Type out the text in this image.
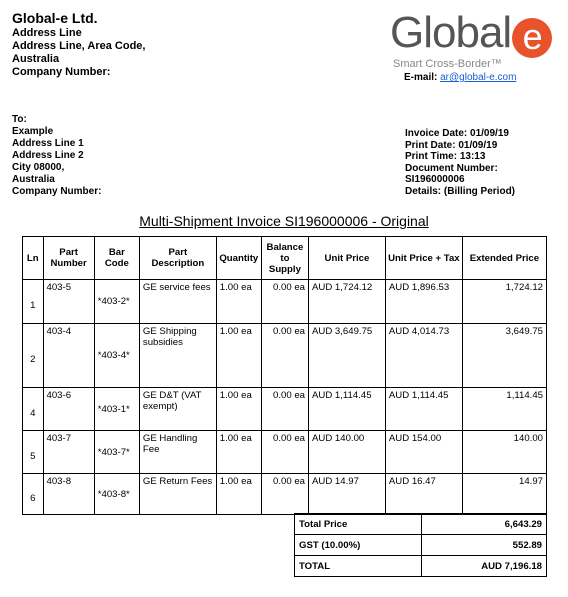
Global-e Ltd.
Address Line
Address Line, Area Code,
Australia
Company Number:
Global e
Smart Cross-Border™
E-mail: ar@global-e.com
To:
Example
Address Line 1
Address Line 2
City 08000,
Australia
Company Number:
Invoice Date: 01/09/19
Print Date: 01/09/19
Print Time: 13:13
Document Number:
SI196000006
Details: (Billing Period)
Multi-Shipment Invoice SI196000006 - Original
Ln	Part Number	Bar Code	Part Description	Quantity	Balance to Supply	Unit Price	Unit Price + Tax	Extended Price
1	403-5	*403-2*	GE service fees	1.00 ea	0.00 ea	AUD 1,724.12	AUD 1,896.53	1,724.12
2	403-4	*403-4*	GE Shipping subsidies	1.00 ea	0.00 ea	AUD 3,649.75	AUD 4,014.73	3,649.75
4	403-6	*403-1*	GE D&T (VAT exempt)	1.00 ea	0.00 ea	AUD 1,114.45	AUD 1,114.45	1,114.45
5	403-7	*403-7*	GE Handling Fee	1.00 ea	0.00 ea	AUD 140.00	AUD 154.00	140.00
6	403-8	*403-8*	GE Return Fees	1.00 ea	0.00 ea	AUD 14.97	AUD 16.47	14.97
Total Price	6,643.29
GST (10.00%)	552.89
TOTAL	AUD 7,196.18
